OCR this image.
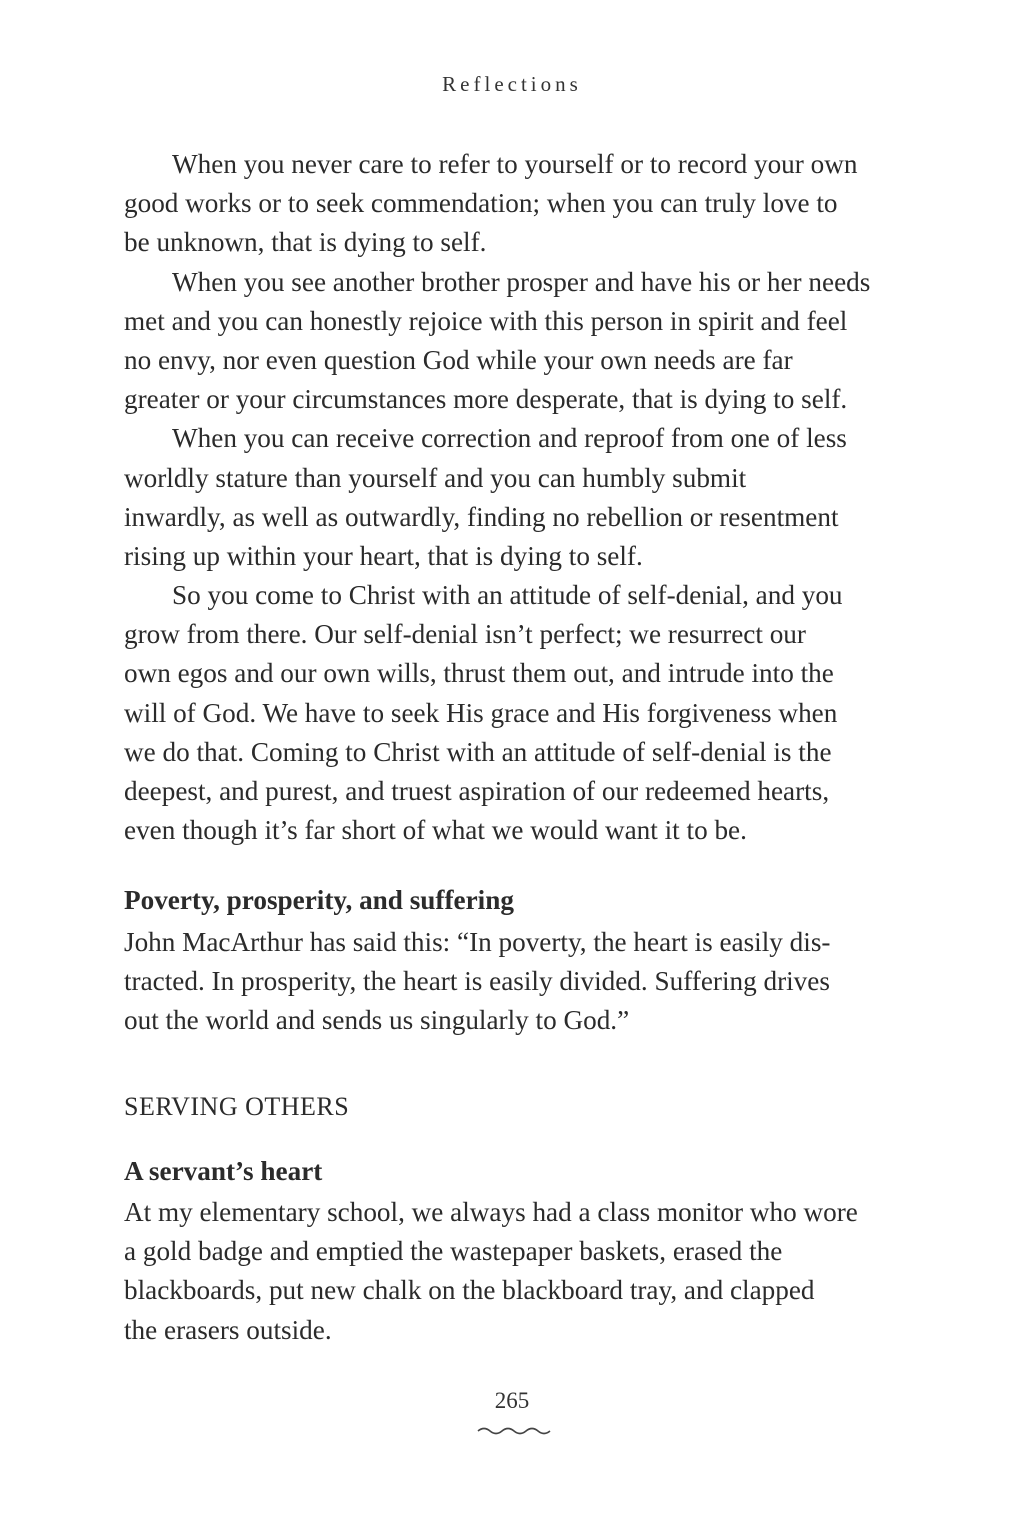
Reflections
When you never care to refer to yourself or to record your own
good works or to seek commendation; when you can truly love to
be unknown, that is dying to self.
When you see another brother prosper and have his or her needs
met and you can honestly rejoice with this person in spirit and feel
no envy, nor even question God while your own needs are far
greater or your circumstances more desperate, that is dying to self.
When you can receive correction and reproof from one of less
worldly stature than yourself and you can humbly submit
inwardly, as well as outwardly, finding no rebellion or resentment
rising up within your heart, that is dying to self.
So you come to Christ with an attitude of self-denial, and you
grow from there. Our self-denial isn’t perfect; we resurrect our
own egos and our own wills, thrust them out, and intrude into the
will of God. We have to seek His grace and His forgiveness when
we do that. Coming to Christ with an attitude of self-denial is the
deepest, and purest, and truest aspiration of our redeemed hearts,
even though it’s far short of what we would want it to be.
Poverty, prosperity, and suffering
John MacArthur has said this: “In poverty, the heart is easily dis-
tracted. In prosperity, the heart is easily divided. Suffering drives
out the world and sends us singularly to God.”
SERVING OTHERS
A servant’s heart
At my elementary school, we always had a class monitor who wore
a gold badge and emptied the wastepaper baskets, erased the
blackboards, put new chalk on the blackboard tray, and clapped
the erasers outside.
265
